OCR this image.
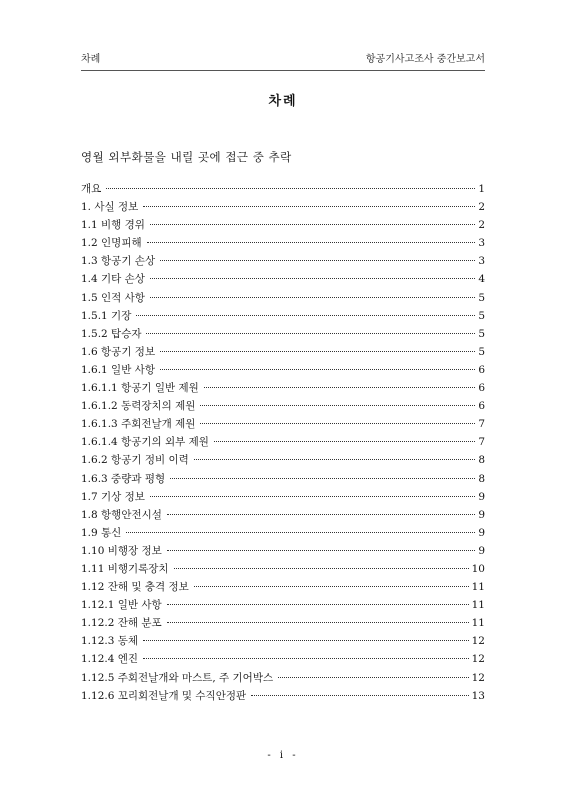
차례	항공기사고조사 중간보고서
차례
영월 외부화물을 내릴 곳에 접근 중 추락
개요	1
1. 사실 정보	2
1.1 비행 경위	2
1.2 인명피해	3
1.3 항공기 손상	3
1.4 기타 손상	4
1.5 인적 사항	5
1.5.1 기장	5
1.5.2 탑승자	5
1.6 항공기 정보	5
1.6.1 일반 사항	6
1.6.1.1 항공기 일반 제원	6
1.6.1.2 동력장치의 제원	6
1.6.1.3 주회전날개 제원	7
1.6.1.4 항공기의 외부 제원	7
1.6.2 항공기 정비 이력	8
1.6.3 중량과 평형	8
1.7 기상 정보	9
1.8 항행안전시설	9
1.9 통신	9
1.10 비행장 정보	9
1.11 비행기록장치	10
1.12 잔해 및 충격 정보	11
1.12.1 일반 사항	11
1.12.2 잔해 분포	11
1.12.3 동체	12
1.12.4 엔진	12
1.12.5 주회전날개와 마스트, 주 기어박스	12
1.12.6 꼬리회전날개 및 수직안정판	13
- i -
